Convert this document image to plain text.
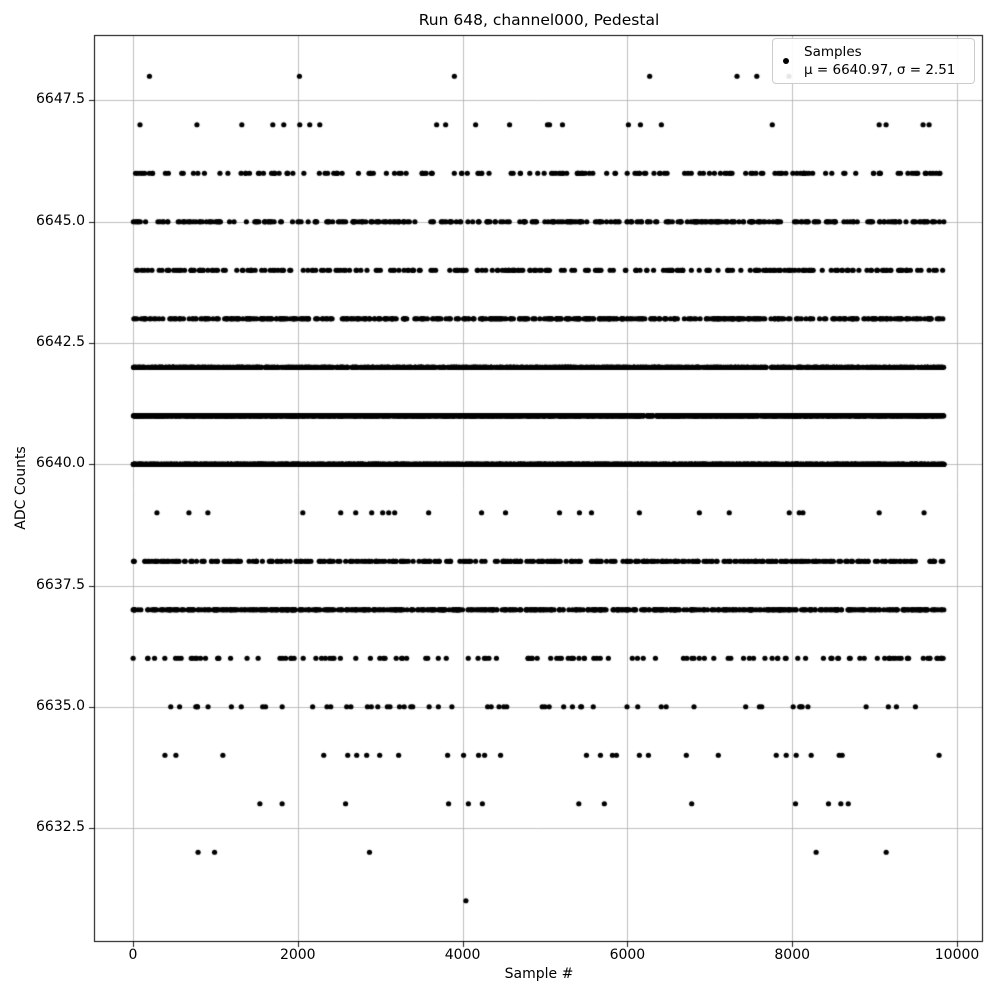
Run 648, channel000, Pedestal
Sample #
ADC Counts
0	2000	4000	6000	8000	10000
6632.5
6635.0
6637.5
6640.0
6642.5
6645.0
6647.5
Samples
μ = 6640.97, σ = 2.51
